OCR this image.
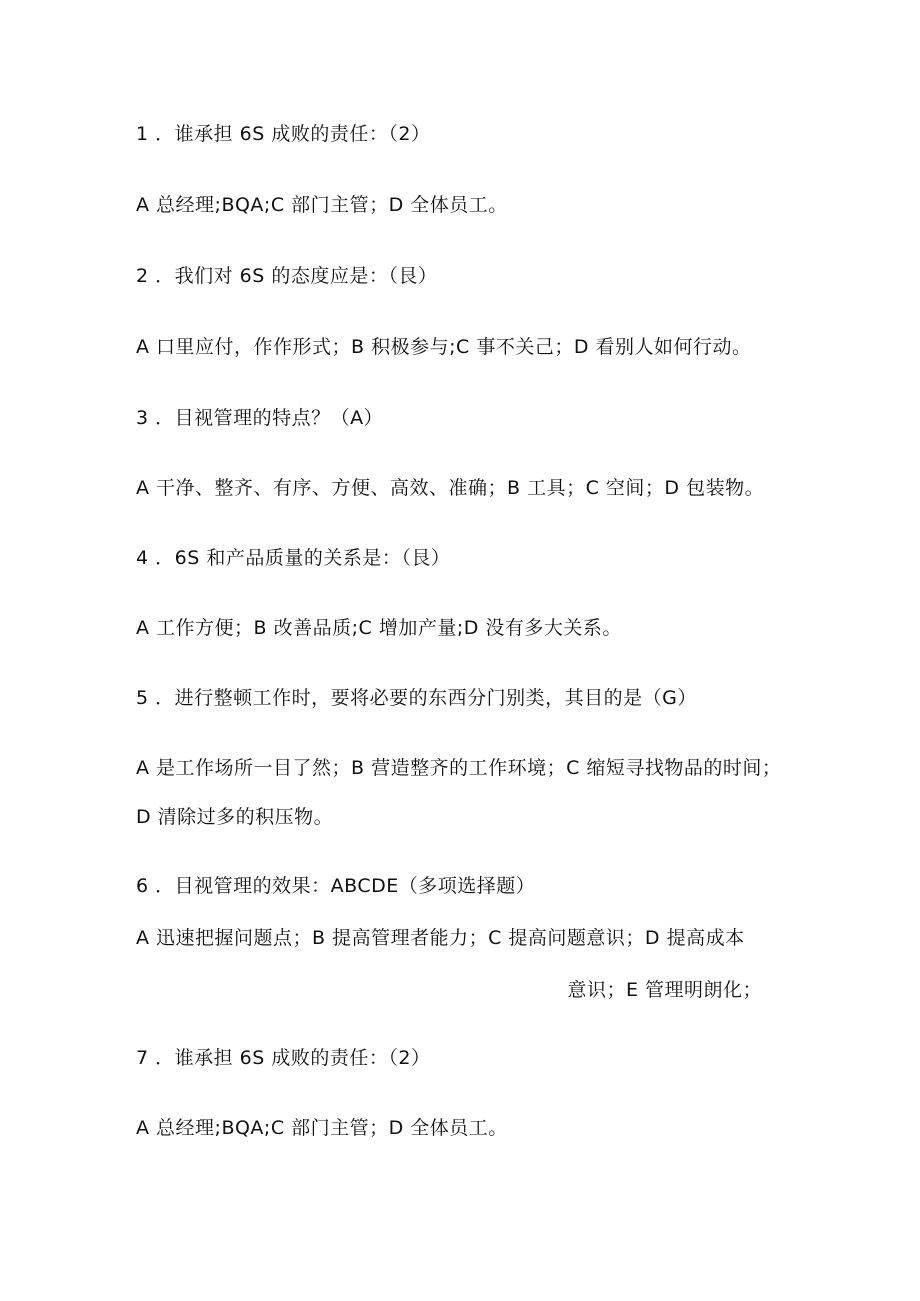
1 ．谁承担 6S 成败的责任：（2）
A 总经理;BQA;C 部门主管；D 全体员工。
2 ．我们对 6S 的态度应是：（艮）
A 口里应付，作作形式；B 积极参与;C 事不关己；D 看别人如何行动。
3 ．目视管理的特点？（A）
A 干净、整齐、有序、方便、高效、准确；B 工具；C 空间；D 包装物。
4 ．6S 和产品质量的关系是：（艮）
A 工作方便；B 改善品质;C 增加产量;D 没有多大关系。
5 ．进行整顿工作时，要将必要的东西分门别类，其目的是（G）
A 是工作场所一目了然；B 营造整齐的工作环境；C 缩短寻找物品的时间；
D 清除过多的积压物。
6 ．目视管理的效果：ABCDE（多项选择题）
A 迅速把握问题点；B 提高管理者能力；C 提高问题意识；D 提高成本
意识；E 管理明朗化；
7 ．谁承担 6S 成败的责任：（2）
A 总经理;BQA;C 部门主管；D 全体员工。
